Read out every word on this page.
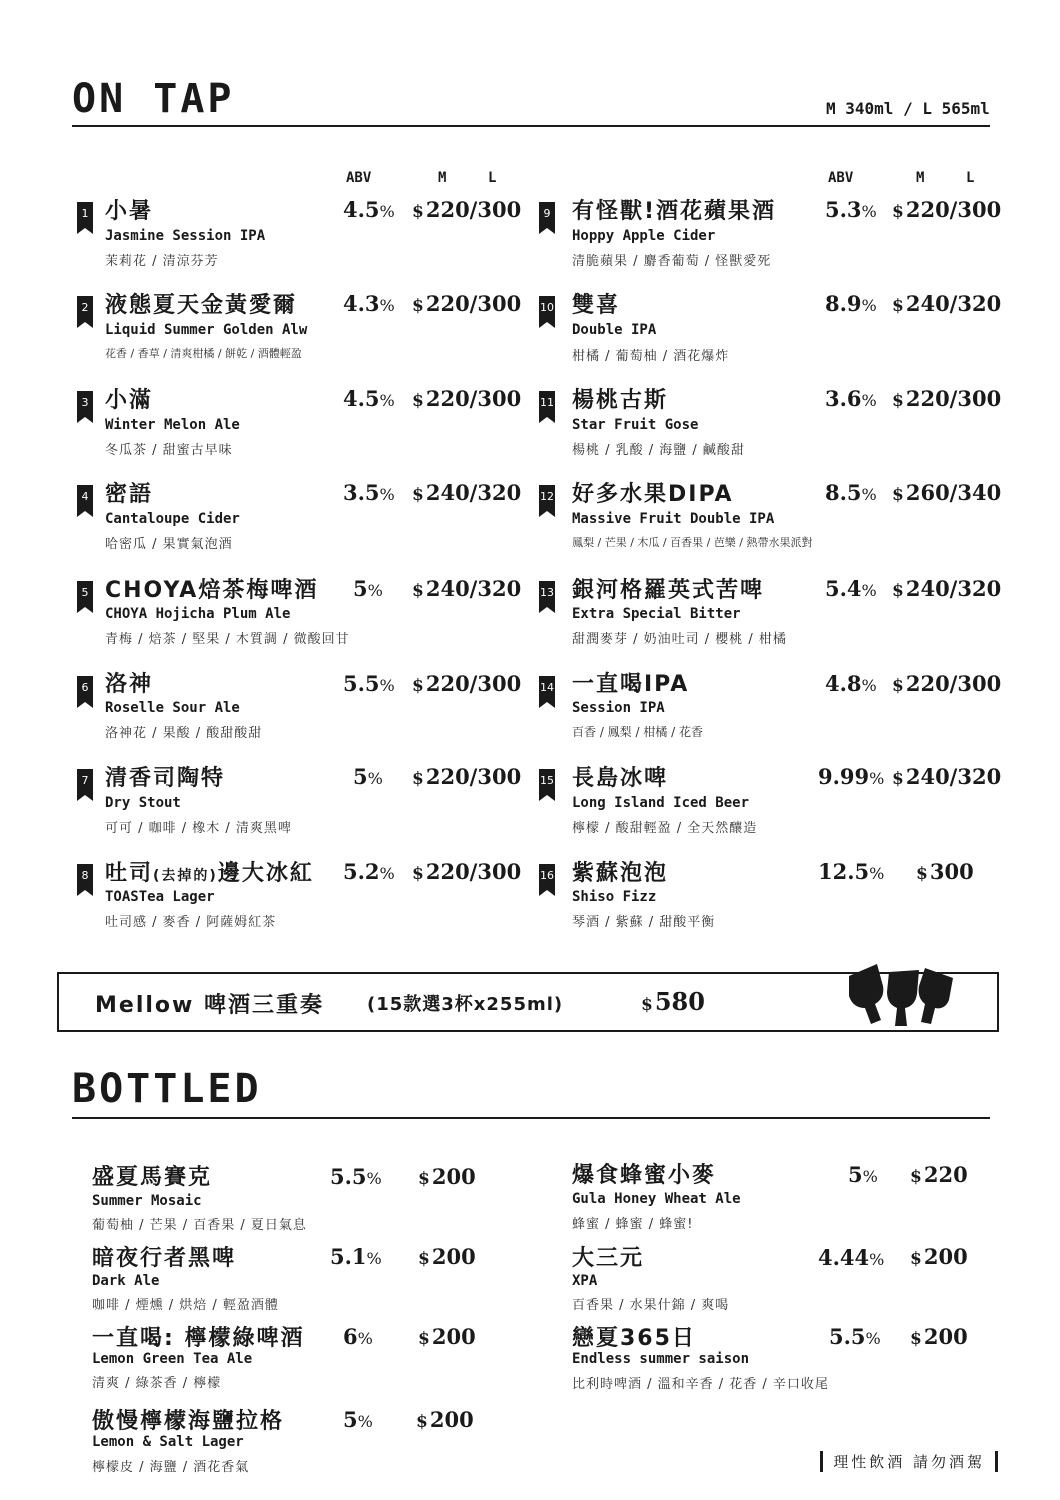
ON TAP	M 340ml / L 565ml
ABV	M	L	ABV	M	L
1 小暑
Jasmine Session IPA
茉莉花 / 清涼芬芳
4.5% $220/300
2 液態夏天金黃愛爾
Liquid Summer Golden Alw
花香 / 香草 / 清爽柑橘 / 餅乾 / 酒體輕盈
4.3% $220/300
3 小滿
Winter Melon Ale
冬瓜茶 / 甜蜜古早味
4.5% $220/300
4 密語
Cantaloupe Cider
哈密瓜 / 果實氣泡酒
3.5% $240/320
5 CHOYA焙茶梅啤酒
CHOYA Hojicha Plum Ale
青梅 / 焙茶 / 堅果 / 木質調 / 微酸回甘
5% $240/320
6 洛神
Roselle Sour Ale
洛神花 / 果酸 / 酸甜酸甜
5.5% $220/300
7 清香司陶特
Dry Stout
可可 / 咖啡 / 橡木 / 清爽黑啤
5% $220/300
8 吐司(去掉的)邊大冰紅
TOASTea Lager
吐司感 / 麥香 / 阿薩姆紅茶
5.2% $220/300
9 有怪獸!酒花蘋果酒
Hoppy Apple Cider
清脆蘋果 / 麝香葡萄 / 怪獸愛死
5.3% $220/300
10 雙喜
Double IPA
柑橘 / 葡萄柚 / 酒花爆炸
8.9% $240/320
11 楊桃古斯
Star Fruit Gose
楊桃 / 乳酸 / 海鹽 / 鹹酸甜
3.6% $220/300
12 好多水果DIPA
Massive Fruit Double IPA
鳳梨 / 芒果 / 木瓜 / 百香果 / 芭樂 / 熱帶水果派對
8.5% $260/340
13 銀河格羅英式苦啤
Extra Special Bitter
甜潤麥芽 / 奶油吐司 / 櫻桃 / 柑橘
5.4% $240/320
14 一直喝IPA
Session IPA
百香 / 鳳梨 / 柑橘 / 花香
4.8% $220/300
15 長島冰啤
Long Island Iced Beer
檸檬 / 酸甜輕盈 / 全天然釀造
9.99% $240/320
16 紫蘇泡泡
Shiso Fizz
琴酒 / 紫蘇 / 甜酸平衡
12.5% $300
Mellow 啤酒三重奏 (15款選3杯x255ml)	$580
BOTTLED
盛夏馬賽克
Summer Mosaic
葡萄柚 / 芒果 / 百香果 / 夏日氣息
5.5% $200
暗夜行者黑啤
Dark Ale
咖啡 / 煙燻 / 烘焙 / 輕盈酒體
5.1% $200
一直喝: 檸檬綠啤酒
Lemon Green Tea Ale
清爽 / 綠茶香 / 檸檬
6%	$200
傲慢檸檬海鹽拉格
Lemon & Salt Lager
檸檬皮 / 海鹽 / 酒花香氣
5%	$200
爆食蜂蜜小麥
Gula Honey Wheat Ale
蜂蜜 / 蜂蜜 / 蜂蜜!
5% $220
大三元
XPA
百香果 / 水果什錦 / 爽喝
4.44% $200
戀夏365日
Endless summer saison
比利時啤酒 / 溫和辛香 / 花香 / 辛口收尾
5.5% $200
理性飲酒 請勿酒駕
